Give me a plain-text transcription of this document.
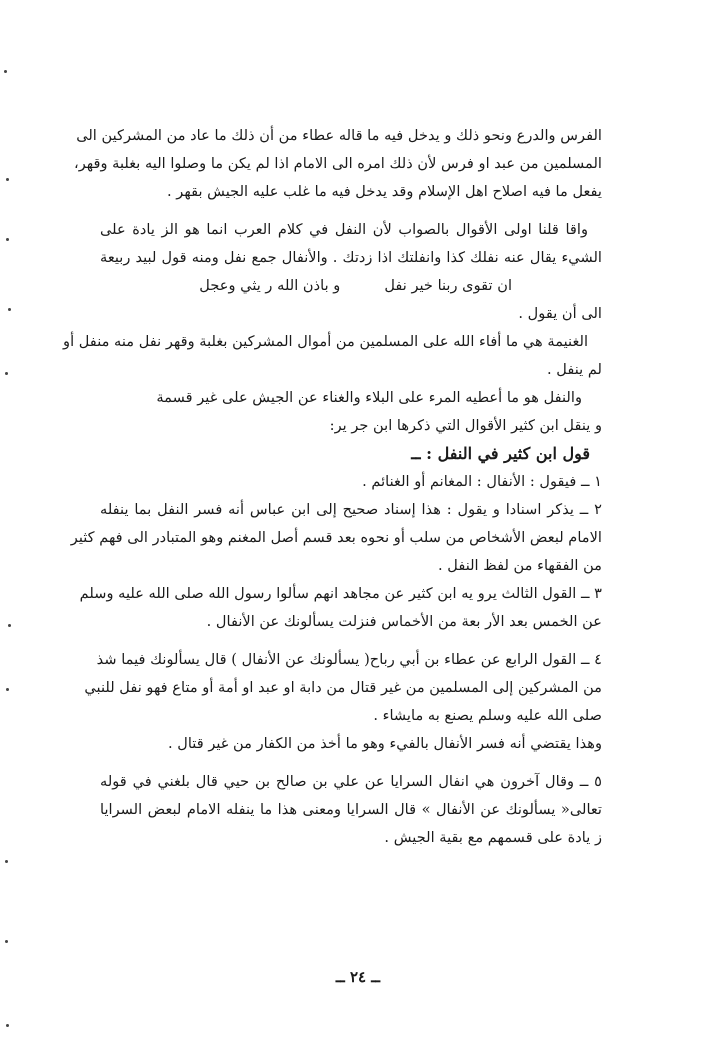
الفرس والدرع ونحو ذلك و يدخل فيه ما قاله عطاء من أن ذلك ما عاد من المشركين الى

المسلمين من عبد او فرس لأن ذلك امره الى الامام اذا لم يكن ما وصلوا اليه بغلبة وقهر،

يفعل ما فيه اصلاح اهل الإسلام وقد يدخل فيه ما غلب عليه الجيش بقهر .

واقا قلنا اولى الأقوال بالصواب لأن النفل في كلام العرب انما هو الز يادة على

الشيء يقال عنه نفلك كذا وانفلتك اذا زدتك . والأنفال جمع نفل ومنه قول لبيد ربيعة

ان تقوى ربنا خير نفل
و باذن الله ر يثي وعجل

الى أن يقول .

الغنيمة هي ما أفاء الله على المسلمين من أموال المشركين بغلبة وقهر نفل منه منفل أو

لم ينفل .

والنفل هو ما أعطيه المرء على البلاء والغناء عن الجيش على غير قسمة

و ينقل ابن كثير الأقوال التي ذكرها ابن جر ير:

قول ابن كثير في النفل : ــ

١ ــ فيقول : الأنفال : المغانم أو الغنائم .

٢ ــ يذكر اسنادا و يقول : هذا إسناد صحيح إلى ابن عباس أنه فسر النفل بما ينفله

الامام لبعض الأشخاص من سلب أو نحوه بعد قسم أصل المغنم وهو المتبادر الى فهم كثير

من الفقهاء من لفظ النفل .

٣ ــ القول الثالث يرو يه ابن كثير عن مجاهد انهم سألوا رسول الله صلى الله عليه وسلم

عن الخمس بعد الأر بعة من الأخماس فنزلت يسألونك عن الأنفال .

٤ ــ القول الرابع عن عطاء بن أبي رباح( يسألونك عن الأنفال ) قال يسألونك فيما شذ

من المشركين إلى المسلمين من غير قتال من دابة او عبد او أمة أو متاع فهو نفل للنبي

صلى الله عليه وسلم يصنع به مايشاء .

وهذا يقتضي أنه فسر الأنفال بالفيء وهو ما أخذ من الكفار من غير قتال .

٥ ــ وقال آخرون هي انفال السرايا عن علي بن صالح بن حيي قال بلغني في قوله

تعالى« يسألونك عن الأنفال » قال السرايا ومعنى هذا ما ينفله الامام لبعض السرايا

ز يادة على قسمهم مع بقية الجيش .

ــ ٢٤ ــ
